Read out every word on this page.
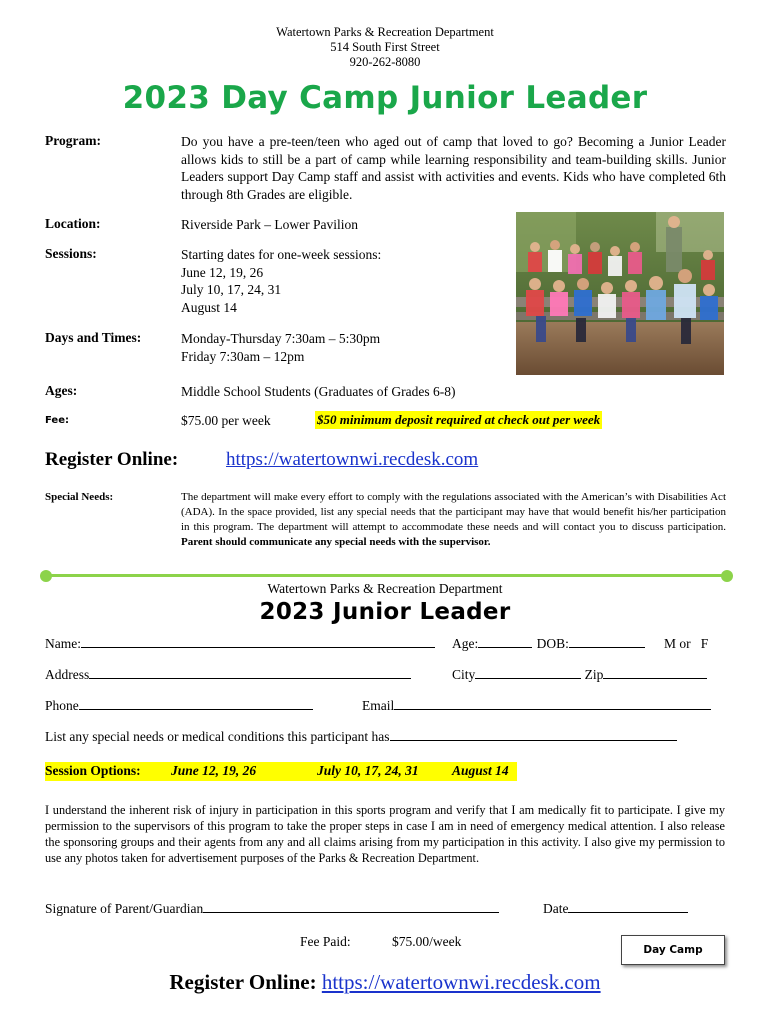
Watertown Parks & Recreation Department
514 South First Street
920-262-8080
2023 Day Camp Junior Leader
Program:	Do you have a pre-teen/teen who aged out of camp that loved to go? Becoming a Junior Leader allows kids to still be a part of camp while learning responsibility and team-building skills. Junior Leaders support Day Camp staff and assist with activities and events. Kids who have completed 6th through 8th Grades are eligible.
Location:	Riverside Park – Lower Pavilion
Sessions:	Starting dates for one-week sessions:
June 12, 19, 26
July 10, 17, 24, 31
August 14
Days and Times:	Monday-Thursday 7:30am – 5:30pm
Friday 7:30am – 12pm
Ages:	Middle School Students (Graduates of Grades 6-8)
Fee:	$75.00 per week	$50 minimum deposit required at check out per week
Register Online:	https://watertownwi.recdesk.com
Special Needs:	The department will make every effort to comply with the regulations associated with the American’s with Disabilities Act (ADA). In the space provided, list any special needs that the participant may have that would benefit his/her participation in this program. The department will attempt to accommodate these needs and will contact you to discuss participation. Parent should communicate any special needs with the supervisor.
Watertown Parks & Recreation Department
2023 Junior Leader
Name:	Age:	DOB:	M or   F
Address	City	Zip
Phone	Email
List any special needs or medical conditions this participant has
Session Options: June 12, 19, 26	July 10, 17, 24, 31 August 14
I understand the inherent risk of injury in participation in this sports program and verify that I am medically fit to participate. I give my permission to the supervisors of this program to take the proper steps in case I am in need of emergency medical attention. I also release the sponsoring groups and their agents from any and all claims arising from my participation in this activity. I also give my permission to use any photos taken for advertisement purposes of the Parks & Recreation Department.
Signature of Parent/Guardian	Date
Fee Paid:	$75.00/week
Day Camp
Register Online: https://watertownwi.recdesk.com
